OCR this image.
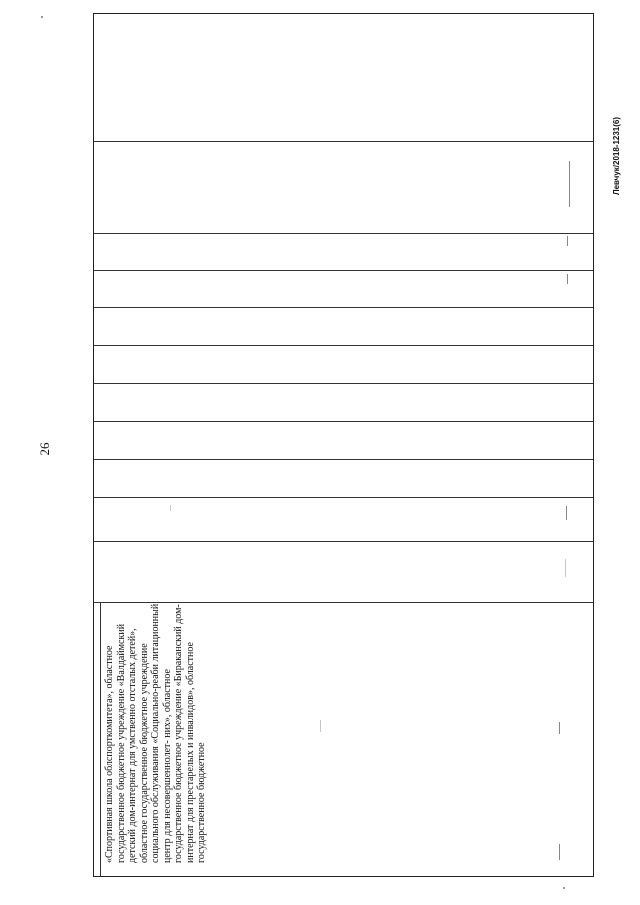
26
Левчук/2018-1231(6)
«Спортивная школа облспорткомитета», областное государственное бюджетное учреждение «Валдаймский детский дом-интернат для умственно отсталых детей», областное государственное бюджетное учреждение социального обслуживания «Социально-реаби литационный центр для несовершеннолет- них», областное государственное бюджетное учреждение «Бираканский дом-интернат для престарелых и инвалидов», областное государственное бюджетное
